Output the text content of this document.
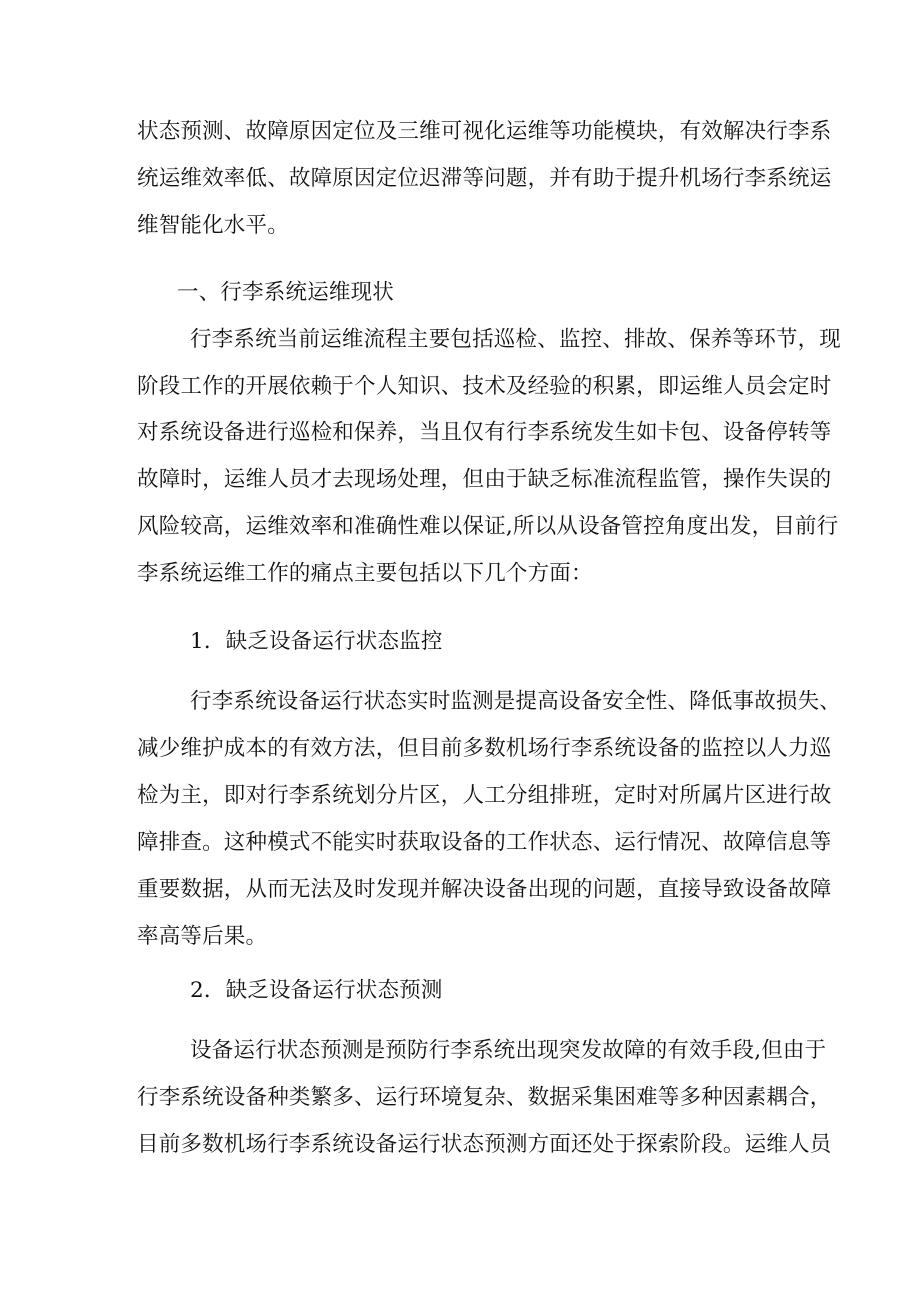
状态预测、故障原因定位及三维可视化运维等功能模块，有效解决行李系
统运维效率低、故障原因定位迟滞等问题，并有助于提升机场行李系统运
维智能化水平。
一、行李系统运维现状
行李系统当前运维流程主要包括巡检、监控、排故、保养等环节，现
阶段工作的开展依赖于个人知识、技术及经验的积累，即运维人员会定时
对系统设备进行巡检和保养，当且仅有行李系统发生如卡包、设备停转等
故障时，运维人员才去现场处理，但由于缺乏标准流程监管，操作失误的
风险较高，运维效率和准确性难以保证,所以从设备管控角度出发，目前行
李系统运维工作的痛点主要包括以下几个方面：
1．缺乏设备运行状态监控
行李系统设备运行状态实时监测是提高设备安全性、降低事故损失、
减少维护成本的有效方法，但目前多数机场行李系统设备的监控以人力巡
检为主，即对行李系统划分片区，人工分组排班，定时对所属片区进行故
障排查。这种模式不能实时获取设备的工作状态、运行情况、故障信息等
重要数据，从而无法及时发现并解决设备出现的问题，直接导致设备故障
率高等后果。
2．缺乏设备运行状态预测
设备运行状态预测是预防行李系统出现突发故障的有效手段,但由于
行李系统设备种类繁多、运行环境复杂、数据采集困难等多种因素耦合，
目前多数机场行李系统设备运行状态预测方面还处于探索阶段。运维人员
